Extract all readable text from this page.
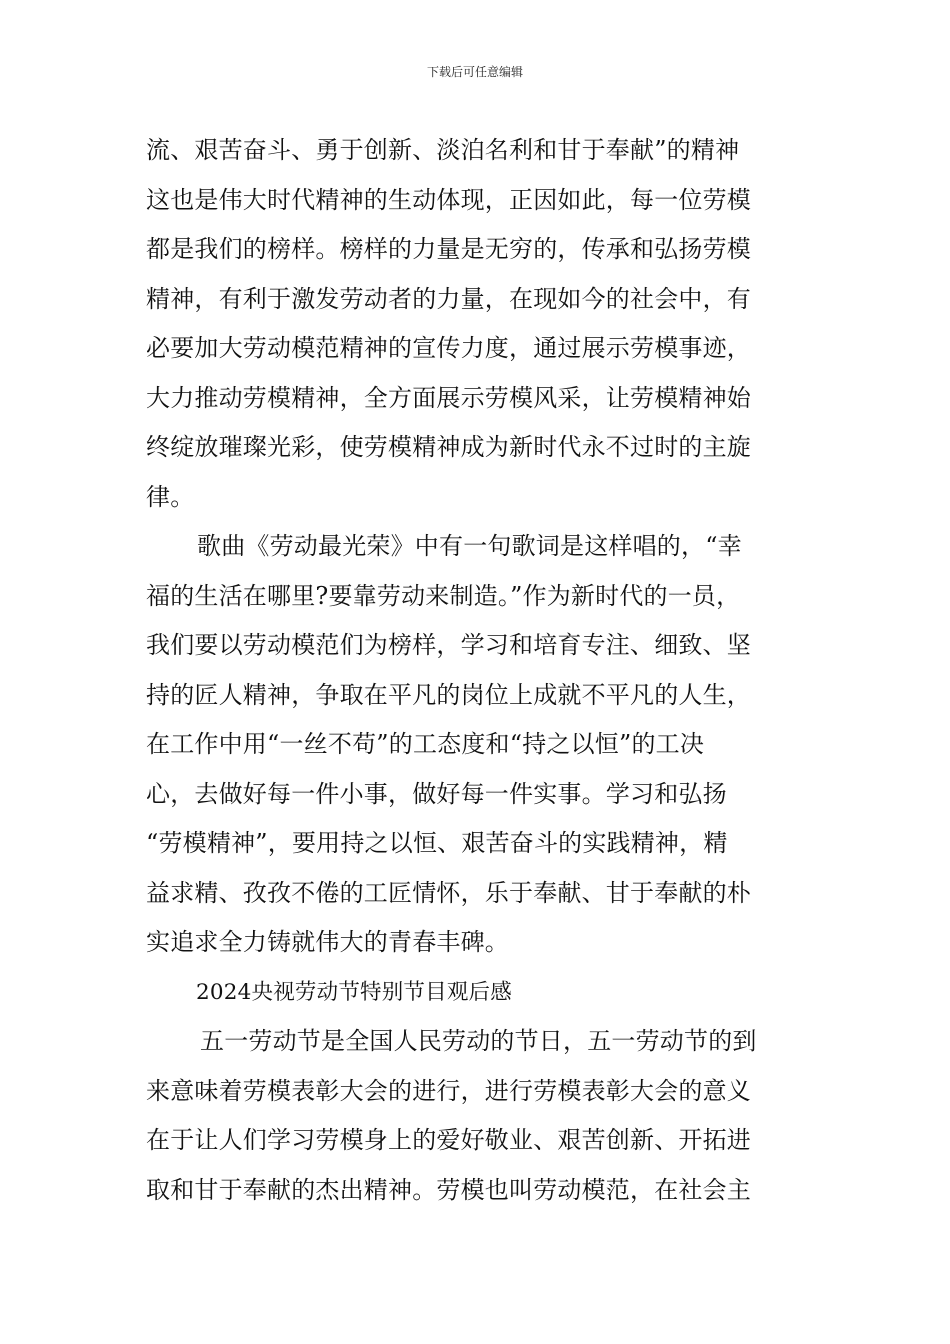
下载后可任意编辑
流、艰苦奋斗、勇于创新、淡泊名利和甘于奉献”的精神
这也是伟大时代精神的生动体现，正因如此，每一位劳模
都是我们的榜样。榜样的力量是无穷的，传承和弘扬劳模
精神，有利于激发劳动者的力量，在现如今的社会中，有
必要加大劳动模范精神的宣传力度，通过展示劳模事迹，
大力推动劳模精神，全方面展示劳模风采，让劳模精神始
终绽放璀璨光彩，使劳模精神成为新时代永不过时的主旋
律。
歌曲《劳动最光荣》中有一句歌词是这样唱的，“幸
福的生活在哪里?要靠劳动来制造。”作为新时代的一员，
我们要以劳动模范们为榜样，学习和培育专注、细致、坚
持的匠人精神，争取在平凡的岗位上成就不平凡的人生，
在工作中用“一丝不苟”的工态度和“持之以恒”的工决
心，去做好每一件小事，做好每一件实事。学习和弘扬
“劳模精神”，要用持之以恒、艰苦奋斗的实践精神，精
益求精、孜孜不倦的工匠情怀，乐于奉献、甘于奉献的朴
实追求全力铸就伟大的青春丰碑。
2024央视劳动节特别节目观后感
五一劳动节是全国人民劳动的节日，五一劳动节的到
来意味着劳模表彰大会的进行，进行劳模表彰大会的意义
在于让人们学习劳模身上的爱好敬业、艰苦创新、开拓进
取和甘于奉献的杰出精神。劳模也叫劳动模范，在社会主
